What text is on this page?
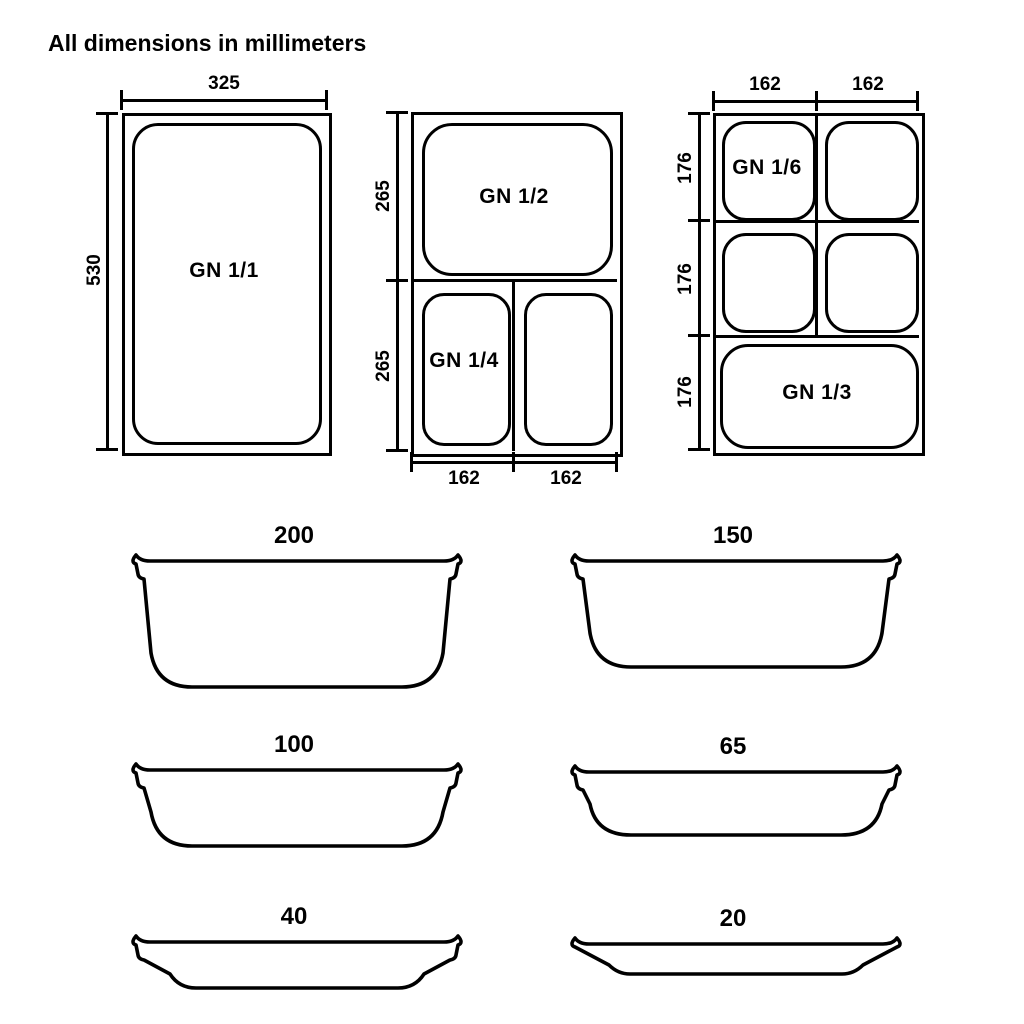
All dimensions in millimeters
325
530	GN 1/1
GN 1/2
GN 1/4
265
265
162	162
162	162
GN 1/6
GN 1/3
176
176
176
200	150
100	65
40	20
